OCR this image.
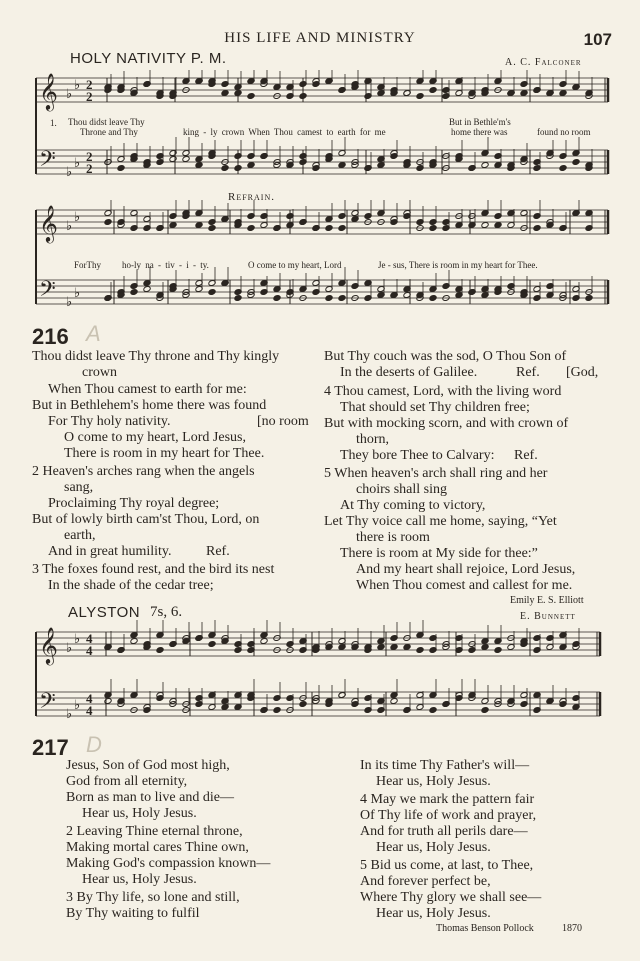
HIS LIFE AND MINISTRY	107
HOLY NATIVITY P. M.	A. C. Falconer
𝄞
𝄢
♭
♭
♭
♭
2
2
2
2
1. Thou didst leave Thy
Throne and Thy	king - ly crown When Thou camest to earth for me
But in Bethle'm's
home there was	found no room
Refrain.
𝄞
𝄢
♭
♭
♭
♭
ForThy ho-ly na - tiv - i - ty.	O come to my heart, Lord	Je - sus, There is room in my heart for Thee.
216 A
Thou didst leave Thy throne and Thy kingly
crown
When Thou camest to earth for me:
But in Bethlehem's home there was found
For Thy holy nativity.	[no room
O come to my heart, Lord Jesus,
There is room in my heart for Thee.
2 Heaven's arches rang when the angels
sang,
Proclaiming Thy royal degree;
But of lowly birth cam'st Thou, Lord, on
earth,
And in great humility. Ref.
3 The foxes found rest, and the bird its nest
In the shade of the cedar tree;
But Thy couch was the sod, O Thou Son of
In the deserts of Galilee.	Ref. [God,
4 Thou camest, Lord, with the living word
That should set Thy children free;
But with mocking scorn, and with crown of
thorn,
They bore Thee to Calvary: Ref.
5 When heaven's arch shall ring and her
choirs shall sing
At Thy coming to victory,
Let Thy voice call me home, saying, “Yet
there is room
There is room at My side for thee:”
And my heart shall rejoice, Lord Jesus,
When Thou comest and callest for me.
Emily E. S. Elliott
ALYSTON 7s, 6.	E. Bunnett
𝄞
𝄢
♭
♭
♭
♭
4
4
4
4
217 D
Jesus, Son of God most high,
God from all eternity,
Born as man to live and die—
Hear us, Holy Jesus.
2 Leaving Thine eternal throne,
Making mortal cares Thine own,
Making God's compassion known—
Hear us, Holy Jesus.
3 By Thy life, so lone and still,
By Thy waiting to fulfil
In its time Thy Father's will—
Hear us, Holy Jesus.
4 May we mark the pattern fair
Of Thy life of work and prayer,
And for truth all perils dare—
Hear us, Holy Jesus.
5 Bid us come, at last, to Thee,
And forever perfect be,
Where Thy glory we shall see—
Hear us, Holy Jesus.
Thomas Benson Pollock	1870
